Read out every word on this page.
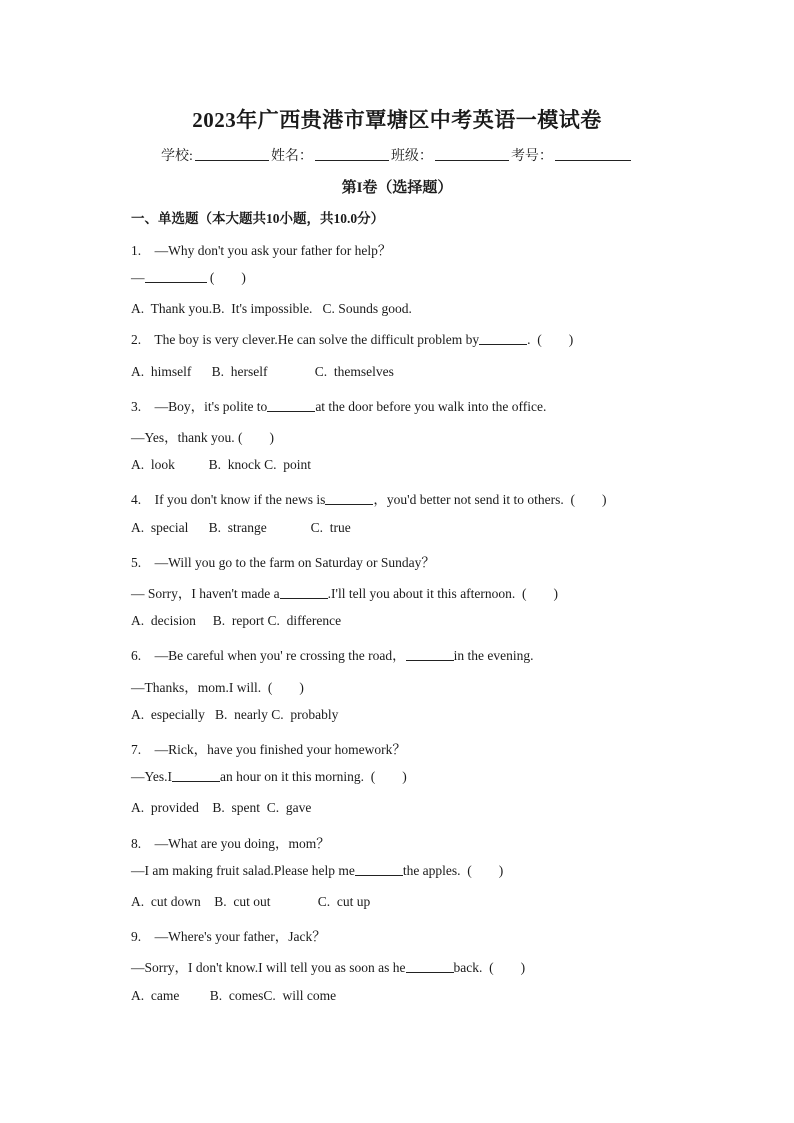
2023年广西贵港市覃塘区中考英语一模试卷
学校:	姓名：	班级：	考号：
第I卷（选择题）
一、单选题（本大题共10小题，共10.0分）
1.    —Why don't you ask your father for help？
—	(        )
A.  Thank you.B.  It's impossible.   C. Sounds good.
2.    The boy is very clever.He can solve the difficult problem by	.  (        )
A.  himself      B.  herself              C.  themselves
3.    —Boy，it's polite to	at the door before you walk into the office.
—Yes，thank you. (        )
A.  look          B.  knock C.  point
4.    If you don't know if the news is	，you'd better not send it to others.  (        )
A.  special      B.  strange             C.  true
5.    —Will you go to the farm on Saturday or Sunday？
— Sorry，I haven't made a	.I'll tell you about it this afternoon.  (        )
A.  decision     B.  report C.  difference
6.    —Be careful when you' re crossing the road，	in the evening.
—Thanks，mom.I will.  (        )
A.  especially   B.  nearly C.  probably
7.    —Rick，have you finished your homework？
—Yes.I	an hour on it this morning.  (        )
A.  provided    B.  spent  C.  gave
8.    —What are you doing，mom？
—I am making fruit salad.Please help me	the apples.  (        )
A.  cut down    B.  cut out              C.  cut up
9.    —Where's your father，Jack？
—Sorry，I don't know.I will tell you as soon as he	back.  (        )
A.  came         B.  comesC.  will come
